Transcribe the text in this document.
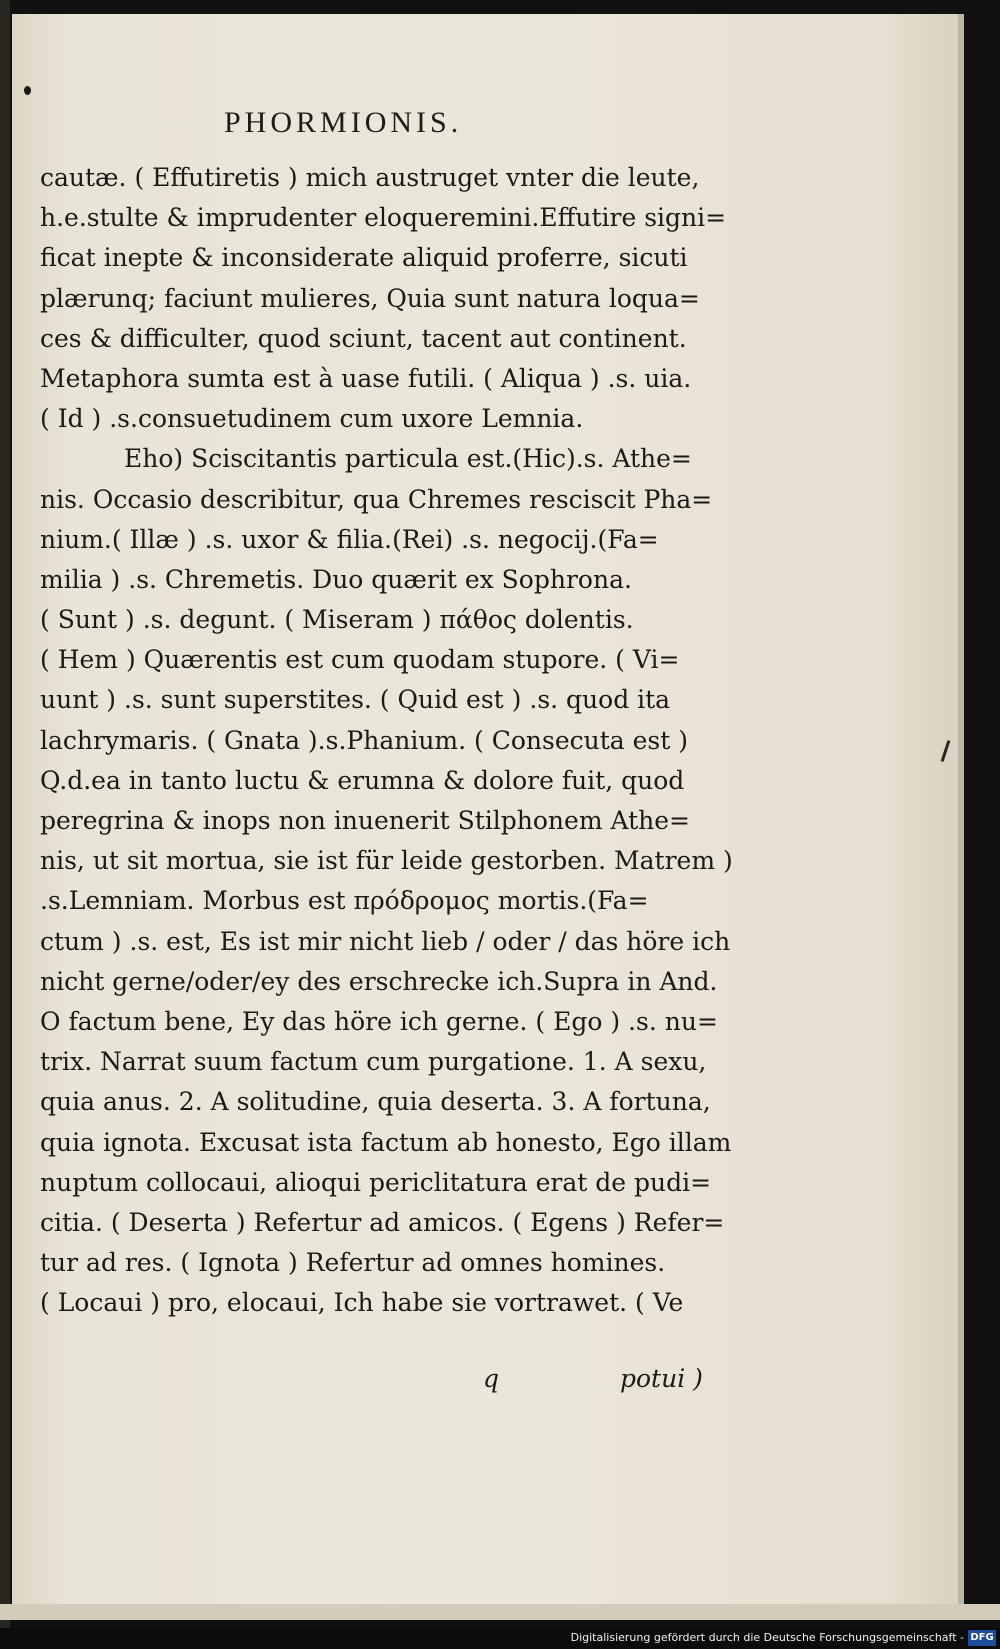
PHORMIONIS.
cautæ. ( Effutiretis ) mich austruget vnter die leute,
h.e.stulte & imprudenter eloqueremini.Effutire signi=
ficat inepte & inconsiderate aliquid proferre, sicuti
plærunq; faciunt mulieres, Quia sunt natura loqua=
ces & difficulter, quod sciunt, tacent aut continent.
Metaphora sumta est à uase futili. ( Aliqua ) .s. uia.
( Id ) .s.consuetudinem cum uxore Lemnia.
Eho) Sciscitantis particula est.(Hic).s. Athe=
nis. Occasio describitur, qua Chremes resciscit Pha=
nium.( Illæ ) .s. uxor & filia.(Rei) .s. negocij.(Fa=
milia ) .s. Chremetis. Duo quærit ex Sophrona.
( Sunt ) .s. degunt. ( Miseram ) πάθος dolentis.
( Hem ) Quærentis est cum quodam stupore. ( Vi=
uunt ) .s. sunt superstites. ( Quid est ) .s. quod ita
lachrymaris. ( Gnata ).s.Phanium. ( Consecuta est )
Q.d.ea in tanto luctu & erumna & dolore fuit, quod
peregrina & inops non inuenerit Stilphonem Athe=
nis, ut sit mortua, sie ist für leide gestorben. Matrem )
.s.Lemniam. Morbus est πρόδρομος mortis.(Fa=
ctum ) .s. est, Es ist mir nicht lieb / oder / das höre ich
nicht gerne/oder/ey des erschrecke ich.Supra in And.
O factum bene, Ey das höre ich gerne. ( Ego ) .s. nu=
trix. Narrat suum factum cum purgatione. 1. A sexu,
quia anus. 2. A solitudine, quia deserta. 3. A fortuna,
quia ignota. Excusat ista factum ab honesto, Ego illam
nuptum collocaui, alioqui periclitatura erat de pudi=
citia. ( Deserta ) Refertur ad amicos. ( Egens ) Refer=
tur ad res. ( Ignota ) Refertur ad omnes homines.
( Locaui ) pro, elocaui, Ich habe sie vortrawet. ( Ve
q	potui )
Digitalisierung gefördert durch die Deutsche Forschungsgemeinschaft - DFG
